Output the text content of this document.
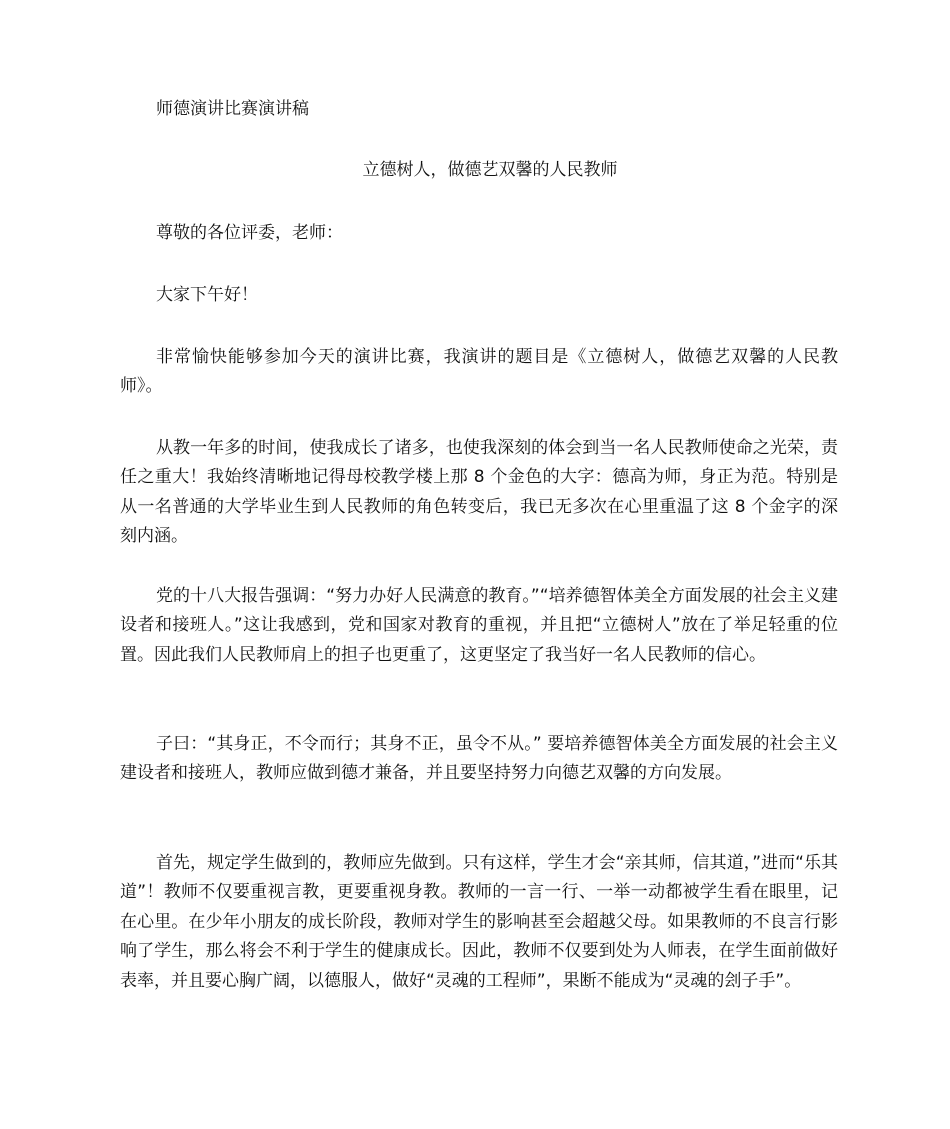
师德演讲比赛演讲稿

立德树人，做德艺双馨的人民教师

尊敬的各位评委，老师：

大家下午好！

非常愉快能够参加今天的演讲比赛，我演讲的题目是《立德树人，做德艺双馨的人民教师》。

从教一年多的时间，使我成长了诸多，也使我深刻的体会到当一名人民教师使命之光荣，责任之重大！我始终清晰地记得母校教学楼上那 8 个金色的大字：德高为师，身正为范。特别是从一名普通的大学毕业生到人民教师的角色转变后，我已无多次在心里重温了这 8 个金字的深刻内涵。

党的十八大报告强调：“努力办好人民满意的教育。”“培养德智体美全方面发展的社会主义建设者和接班人。”这让我感到，党和国家对教育的重视，并且把“立德树人”放在了举足轻重的位置。因此我们人民教师肩上的担子也更重了，这更坚定了我当好一名人民教师的信心。

子曰：“其身正，不令而行；其身不正，虽令不从。” 要培养德智体美全方面发展的社会主义建设者和接班人，教师应做到德才兼备，并且要坚持努力向德艺双馨的方向发展。

首先，规定学生做到的，教师应先做到。只有这样，学生才会“亲其师，信其道，”进而“乐其道”！教师不仅要重视言教，更要重视身教。教师的一言一行、一举一动都被学生看在眼里，记在心里。在少年小朋友的成长阶段，教师对学生的影响甚至会超越父母。如果教师的不良言行影响了学生，那么将会不利于学生的健康成长。因此，教师不仅要到处为人师表，在学生面前做好表率，并且要心胸广阔，以德服人，做好“灵魂的工程师”，果断不能成为“灵魂的刽子手”。
